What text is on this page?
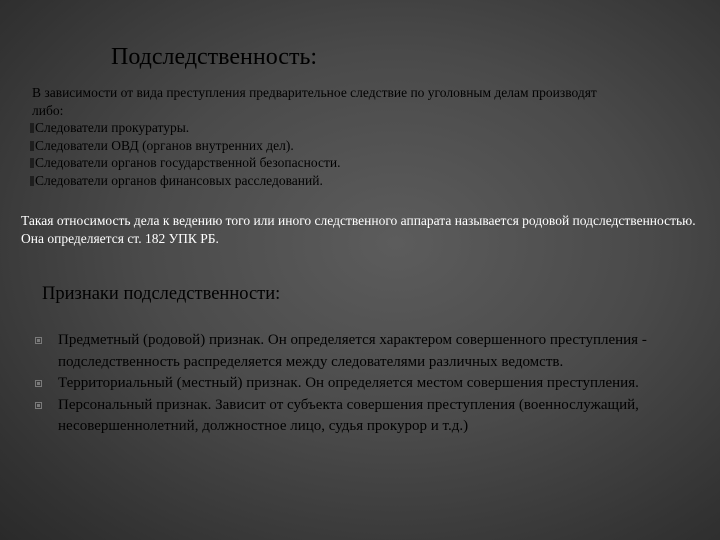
Подследственность:

В зависимости от вида преступления предварительное следствие по уголовным делам производят либо:

Следователи прокуратуры.
Следователи ОВД (органов внутренних дел).
Следователи органов государственной безопасности.
Следователи органов финансовых расследований.

Такая относимость дела к ведению того или иного следственного аппарата называется родовой подследственностью. Она определяется ст. 182 УПК РБ.

Признаки подследственности:
Предметный (родовой) признак. Он определяется характером совершенного преступления - подследственность распределяется между следователями различных ведомств.
Территориальный (местный) признак. Он определяется местом совершения преступления.
Персональный признак. Зависит от субъекта совершения преступления (военнослужащий, несовершеннолетний, должностное лицо, судья прокурор и т.д.)
